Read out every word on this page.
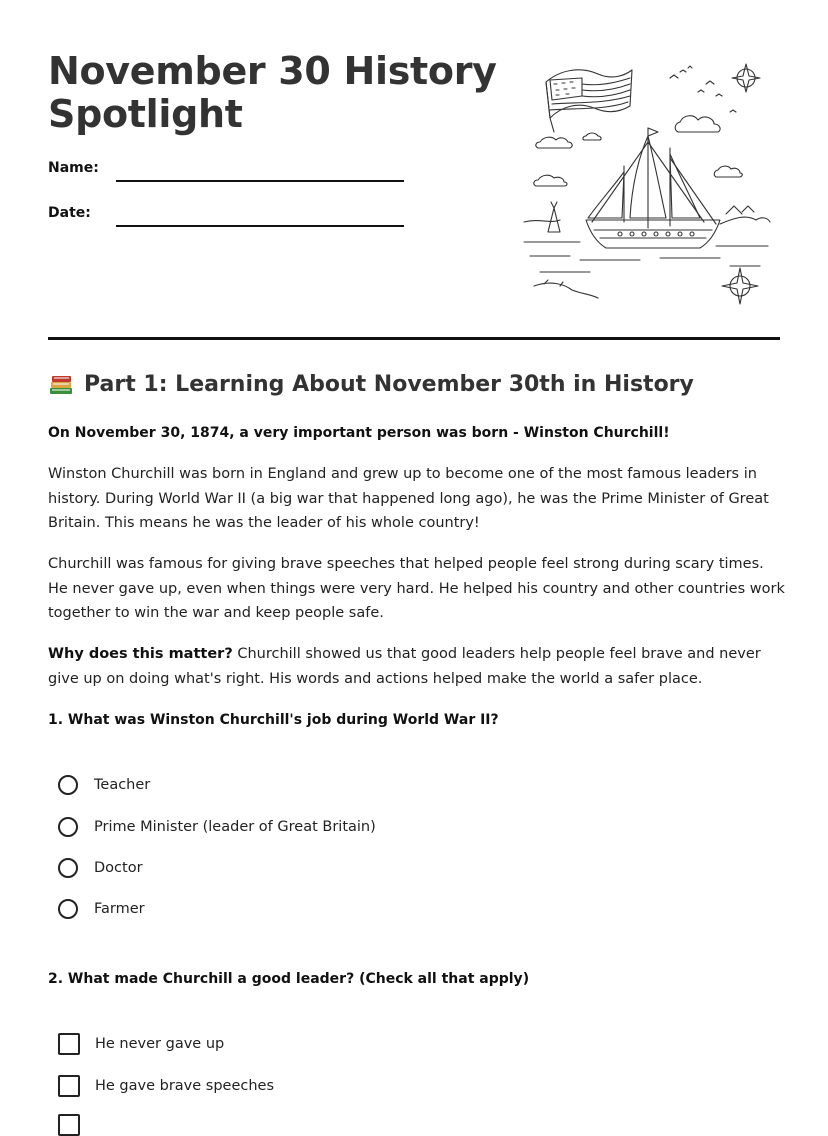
November 30 History Spotlight
Name:
Date:
Part 1: Learning About November 30th in History

On November 30, 1874, a very important person was born - Winston Churchill!

Winston Churchill was born in England and grew up to become one of the most famous leaders in history. During World War II (a big war that happened long ago), he was the Prime Minister of Great Britain. This means he was the leader of his whole country!

Churchill was famous for giving brave speeches that helped people feel strong during scary times. He never gave up, even when things were very hard. He helped his country and other countries work together to win the war and keep people safe.

Why does this matter? Churchill showed us that good leaders help people feel brave and never give up on doing what's right. His words and actions helped make the world a safer place.

1. What was Winston Churchill's job during World War II?

Teacher
Prime Minister (leader of Great Britain)
Doctor
Farmer

2. What made Churchill a good leader? (Check all that apply)

He never gave up
He gave brave speeches
